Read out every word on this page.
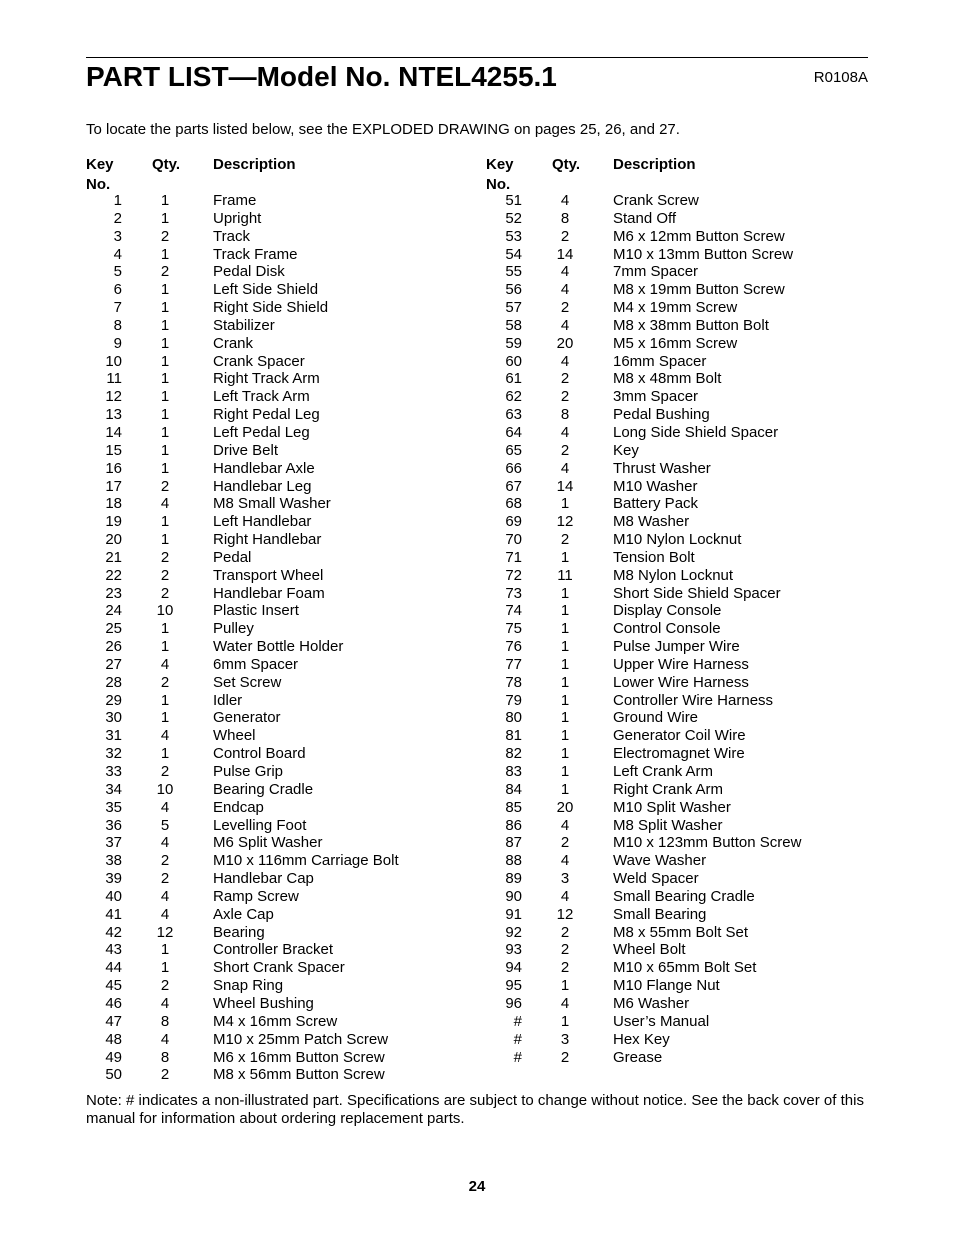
PART LIST—Model No. NTEL4255.1	R0108A
To locate the parts listed below, see the EXPLODED DRAWING on pages 25, 26, and 27.
Key No.
Qty. Description
1	1	Frame
2	1	Upright
3	2	Track
4	1	Track Frame
5	2	Pedal Disk
6	1	Left Side Shield
7	1	Right Side Shield
8	1	Stabilizer
9	1	Crank
10	1	Crank Spacer
11	1	Right Track Arm
12	1	Left Track Arm
13	1	Right Pedal Leg
14	1	Left Pedal Leg
15	1	Drive Belt
16	1	Handlebar Axle
17	2	Handlebar Leg
18	4	M8 Small Washer
19	1	Left Handlebar
20	1	Right Handlebar
21	2	Pedal
22	2	Transport Wheel
23	2	Handlebar Foam
24	10	Plastic Insert
25	1	Pulley
26	1	Water Bottle Holder
27	4	6mm Spacer
28	2	Set Screw
29	1	Idler
30	1	Generator
31	4	Wheel
32	1	Control Board
33	2	Pulse Grip
34	10	Bearing Cradle
35	4	Endcap
36	5	Levelling Foot
37	4	M6 Split Washer
38	2	M10 x 116mm Carriage Bolt
39	2	Handlebar Cap
40	4	Ramp Screw
41	4	Axle Cap
42	12	Bearing
43	1	Controller Bracket
44	1	Short Crank Spacer
45	2	Snap Ring
46	4	Wheel Bushing
47	8	M4 x 16mm Screw
48	4	M10 x 25mm Patch Screw
49	8	M6 x 16mm Button Screw
50	2	M8 x 56mm Button Screw
Key No.
Qty. Description
51	4	Crank Screw
52	8	Stand Off
53	2	M6 x 12mm Button Screw
54	14	M10 x 13mm Button Screw
55	4	7mm Spacer
56	4	M8 x 19mm Button Screw
57	2	M4 x 19mm Screw
58	4	M8 x 38mm Button Bolt
59	20	M5 x 16mm Screw
60	4	16mm Spacer
61	2	M8 x 48mm Bolt
62	2	3mm Spacer
63	8	Pedal Bushing
64	4	Long Side Shield Spacer
65	2	Key
66	4	Thrust Washer
67	14	M10 Washer
68	1	Battery Pack
69	12	M8 Washer
70	2	M10 Nylon Locknut
71	1	Tension Bolt
72	11	M8 Nylon Locknut
73	1	Short Side Shield Spacer
74	1	Display Console
75	1	Control Console
76	1	Pulse Jumper Wire
77	1	Upper Wire Harness
78	1	Lower Wire Harness
79	1	Controller Wire Harness
80	1	Ground Wire
81	1	Generator Coil Wire
82	1	Electromagnet Wire
83	1	Left Crank Arm
84	1	Right Crank Arm
85	20	M10 Split Washer
86	4	M8 Split Washer
87	2	M10 x 123mm Button Screw
88	4	Wave Washer
89	3	Weld Spacer
90	4	Small Bearing Cradle
91	12	Small Bearing
92	2	M8 x 55mm Bolt Set
93	2	Wheel Bolt
94	2	M10 x 65mm Bolt Set
95	1	M10 Flange Nut
96	4	M6 Washer
#	1	User’s Manual
#	3	Hex Key
#	2	Grease
Note: # indicates a non-illustrated part. Specifications are subject to change without notice. See the back cover of this manual for information about ordering replacement parts.
24
